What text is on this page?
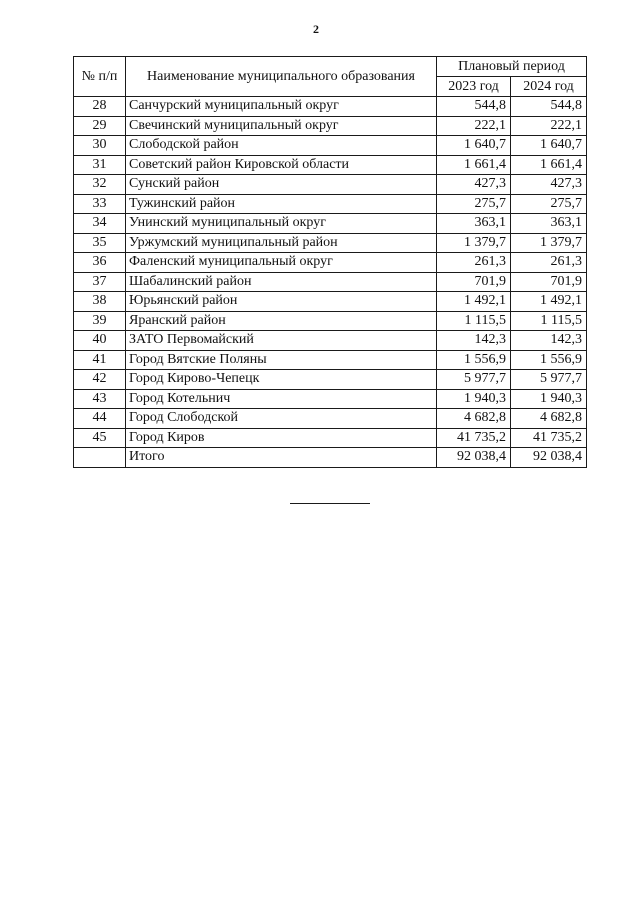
2
№ п/п	Наименование муниципального образования	Плановый период	
		2023 год	2024 год
28	Санчурский муниципальный округ	544,8	544,8
29	Свечинский муниципальный округ	222,1	222,1
30	Слободской район	1 640,7	1 640,7
31	Советский район Кировской области	1 661,4	1 661,4
32	Сунский район	427,3	427,3
33	Тужинский район	275,7	275,7
34	Унинский муниципальный округ	363,1	363,1
35	Уржумский муниципальный район	1 379,7	1 379,7
36	Фаленский муниципальный округ	261,3	261,3
37	Шабалинский район	701,9	701,9
38	Юрьянский район	1 492,1	1 492,1
39	Яранский район	1 115,5	1 115,5
40	ЗАТО Первомайский	142,3	142,3
41	Город Вятские Поляны	1 556,9	1 556,9
42	Город Кирово-Чепецк	5 977,7	5 977,7
43	Город Котельнич	1 940,3	1 940,3
44	Город Слободской	4 682,8	4 682,8
45	Город Киров	41 735,2	41 735,2
	Итого	92 038,4	92 038,4
